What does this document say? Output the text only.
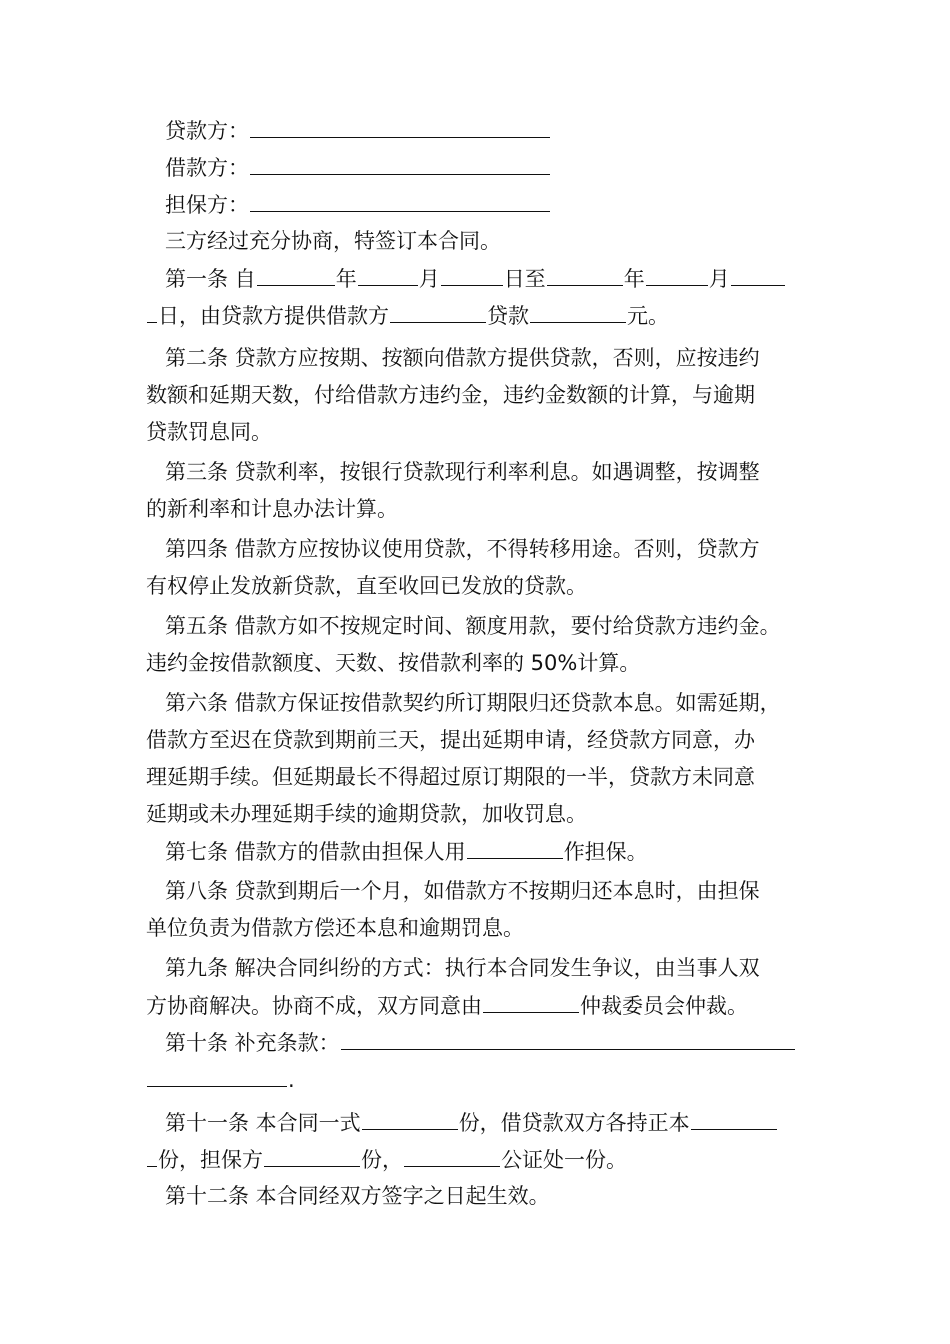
贷款方：

借款方：

担保方：

三方经过充分协商，特签订本合同。

第一条 自	年	月	日至	年	月

日，由贷款方提供借款方	贷款	元。

第二条 贷款方应按期、按额向借款方提供贷款，否则，应按违约

数额和延期天数，付给借款方违约金，违约金数额的计算，与逾期

贷款罚息同。

第三条 贷款利率，按银行贷款现行利率利息。如遇调整，按调整

的新利率和计息办法计算。

第四条 借款方应按协议使用贷款，不得转移用途。否则，贷款方

有权停止发放新贷款，直至收回已发放的贷款。

第五条 借款方如不按规定时间、额度用款，要付给贷款方违约金。

违约金按借款额度、天数、按借款利率的 50%计算。

第六条 借款方保证按借款契约所订期限归还贷款本息。如需延期，

借款方至迟在贷款到期前三天，提出延期申请，经贷款方同意，办

理延期手续。但延期最长不得超过原订期限的一半，贷款方未同意

延期或未办理延期手续的逾期贷款，加收罚息。

第七条 借款方的借款由担保人用	作担保。

第八条 贷款到期后一个月，如借款方不按期归还本息时，由担保

单位负责为借款方偿还本息和逾期罚息。

第九条 解决合同纠纷的方式：执行本合同发生争议，由当事人双

方协商解决。协商不成，双方同意由	仲裁委员会仲裁。

第十条 补充条款：

.

第十一条 本合同一式	份，借贷款双方各持正本

份，担保方	份，	公证处一份。

第十二条 本合同经双方签字之日起生效。
